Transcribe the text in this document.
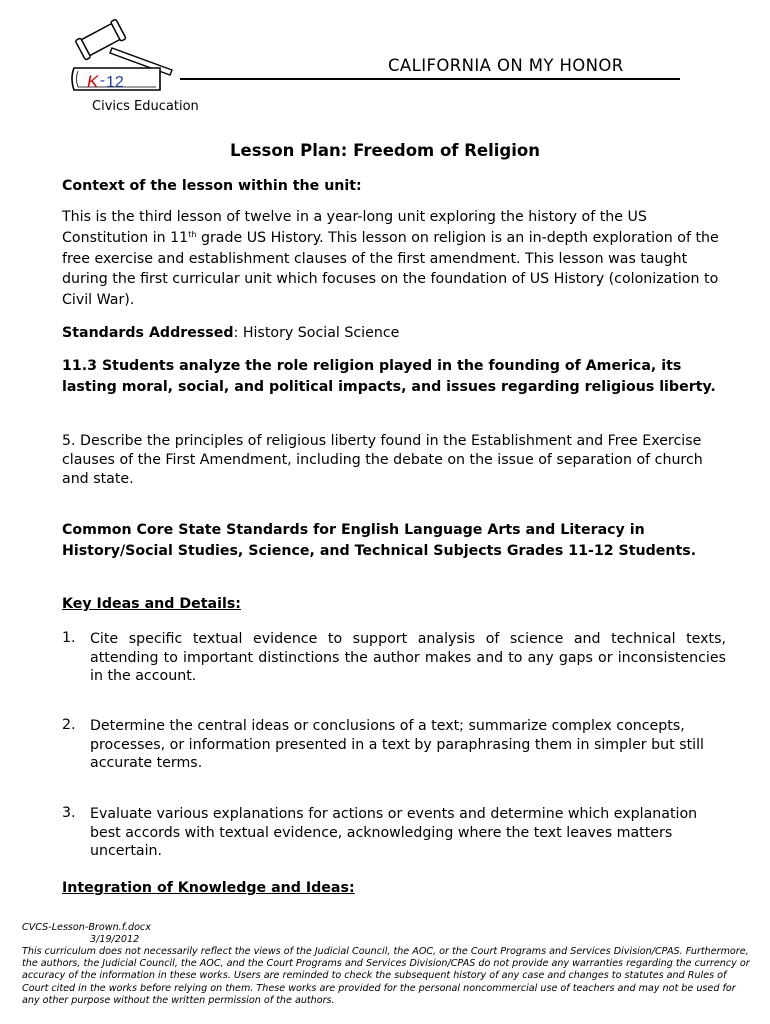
K - 12
CALIFORNIA ON MY HONOR
Civics Education
Lesson Plan: Freedom of Religion
Context of the lesson within the unit:
This is the third lesson of twelve in a year-long unit exploring the history of the US Constitution in 11th grade US History. This lesson on religion is an in-depth exploration of the free exercise and establishment clauses of the first amendment. This lesson was taught during the first curricular unit which focuses on the foundation of US History (colonization to Civil War).
Standards Addressed: History Social Science
11.3 Students analyze the role religion played in the founding of America, its lasting moral, social, and political impacts, and issues regarding religious liberty.
5. Describe the principles of religious liberty found in the Establishment and Free Exercise clauses of the First Amendment, including the debate on the issue of separation of church and state.
Common Core State Standards for English Language Arts and Literacy in History/Social Studies, Science, and Technical Subjects Grades 11-12 Students.
Key Ideas and Details:
1. Cite specific textual evidence to support analysis of science and technical texts, attending to important distinctions the author makes and to any gaps or inconsistencies in the account.
2. Determine the central ideas or conclusions of a text; summarize complex concepts, processes, or information presented in a text by paraphrasing them in simpler but still accurate terms.
3. Evaluate various explanations for actions or events and determine which explanation best accords with textual evidence, acknowledging where the text leaves matters uncertain.
Integration of Knowledge and Ideas:
CVCS-Lesson-Brown.f.docx
3/19/2012
This curriculum does not necessarily reflect the views of the Judicial Council, the AOC, or the Court Programs and Services Division/CPAS. Furthermore, the authors, the Judicial Council, the AOC, and the Court Programs and Services Division/CPAS do not provide any warranties regarding the currency or accuracy of the information in these works. Users are reminded to check the subsequent history of any case and changes to statutes and Rules of Court cited in the works before relying on them. These works are provided for the personal noncommercial use of teachers and may not be used for any other purpose without the written permission of the authors.
